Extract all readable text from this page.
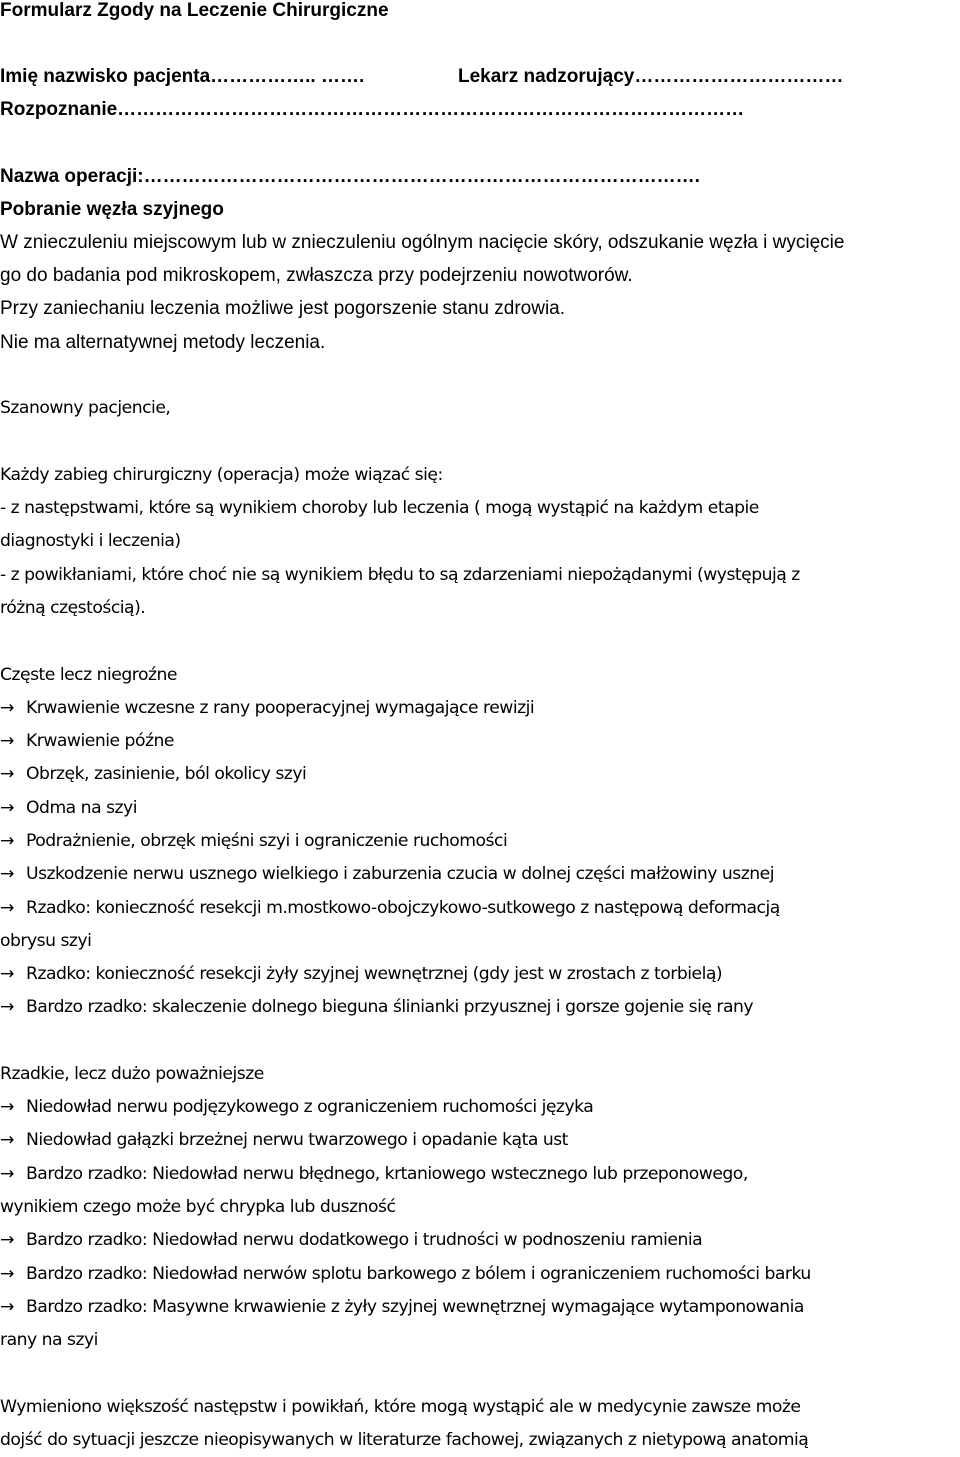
Formularz Zgody na Leczenie Chirurgiczne
Imię nazwisko pacjenta…………….. …….	Lekarz nadzorujący……………………………
Rozpoznanie………………………………………………………………………………………
Nazwa operacji:…………………………………………………………………………….
Pobranie węzła szyjnego
W znieczuleniu miejscowym lub w znieczuleniu ogólnym nacięcie skóry, odszukanie węzła i wycięcie
go do badania pod mikroskopem, zwłaszcza przy podejrzeniu nowotworów.
Przy zaniechaniu leczenia możliwe jest pogorszenie stanu zdrowia.
Nie ma alternatywnej metody leczenia.
Szanowny pacjencie,
Każdy zabieg chirurgiczny (operacja) może wiązać się:
- z następstwami, które są wynikiem choroby lub leczenia ( mogą wystąpić na każdym etapie
diagnostyki i leczenia)
- z powikłaniami, które choć nie są wynikiem błędu to są zdarzeniami niepożądanymi (występują z
różną częstością).
Częste lecz niegroźne
→ Krwawienie wczesne z rany pooperacyjnej wymagające rewizji
→ Krwawienie późne
→ Obrzęk, zasinienie, ból okolicy szyi
→ Odma na szyi
→ Podrażnienie, obrzęk mięśni szyi i ograniczenie ruchomości
→ Uszkodzenie nerwu usznego wielkiego i zaburzenia czucia w dolnej części małżowiny usznej
→ Rzadko: konieczność resekcji m.mostkowo-obojczykowo-sutkowego z następową deformacją
obrysu szyi
→ Rzadko: konieczność resekcji żyły szyjnej wewnętrznej (gdy jest w zrostach z torbielą)
→ Bardzo rzadko: skaleczenie dolnego bieguna ślinianki przyusznej i gorsze gojenie się rany
Rzadkie, lecz dużo poważniejsze
→ Niedowład nerwu podjęzykowego z ograniczeniem ruchomości języka
→ Niedowład gałązki brzeżnej nerwu twarzowego i opadanie kąta ust
→ Bardzo rzadko: Niedowład nerwu błędnego, krtaniowego wstecznego lub przeponowego,
wynikiem czego może być chrypka lub duszność
→ Bardzo rzadko: Niedowład nerwu dodatkowego i trudności w podnoszeniu ramienia
→ Bardzo rzadko: Niedowład nerwów splotu barkowego z bólem i ograniczeniem ruchomości barku
→ Bardzo rzadko: Masywne krwawienie z żyły szyjnej wewnętrznej wymagające wytamponowania
rany na szyi
Wymieniono większość następstw i powikłań, które mogą wystąpić ale w medycynie zawsze może
dojść do sytuacji jeszcze nieopisywanych w literaturze fachowej, związanych z nietypową anatomią
